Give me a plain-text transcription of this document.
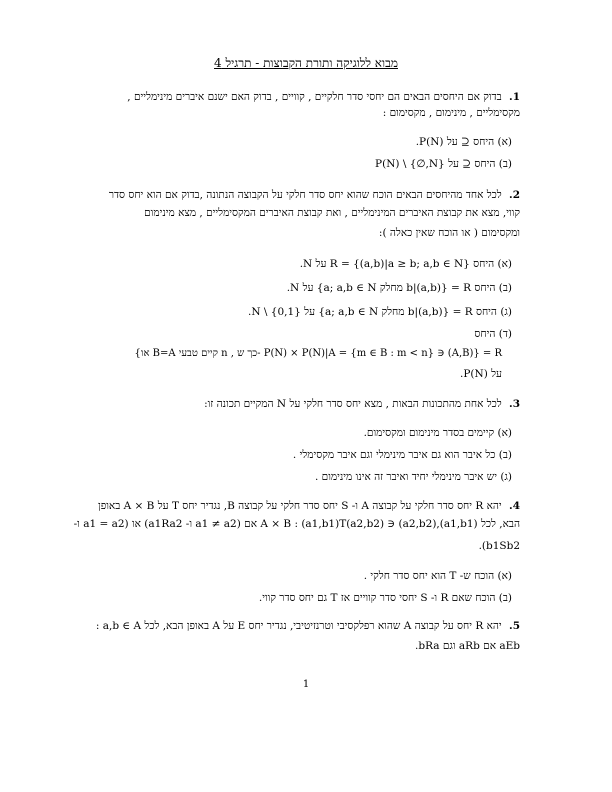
מבוא ללוגיקה ותורת הקבוצות - תרגיל 4
1. בדוק אם היחסים הבאים הם יחסי סדר חלקיים , קוויים , בדוק האם ישנם איברים מינימליים ,
מקסימליים , מינימום , מקסימום :
(א) היחס ⊆ על P(N).
(ב) היחס ⊆ על P(N) \ {∅,N}
2. לכל אחד מהיחסים הבאים הוכח שהוא יחס סדר חלקי על הקבוצה הנתונה ,בדוק אם הוא יחס סדר
קווי, מצא את קבוצת האיברים המינימליים , ואת קבוצת האיברים המקסימליים , מצא מינימום
ומקסימום ( או הוכח שאין כאלה ):
(א) היחס R = {(a,b)|a ≥ b; a,b ∈ N} על N.
(ב) היחס R = {(a,b)|b מחלק a; a,b ∈ N} על N.
(ג) היחס R = {(a,b)|b מחלק a; a,b ∈ N} על N \ {0,1}.
(ד) היחס
R = {(A,B) ∈ P(N) × P(N)|A = {m ∈ B : m < n} -כך ש , n קיים טבעי B=A או}
על P(N).
3. לכל אחת מהתכונות הבאות , מצא יחס סדר חלקי על N המקיים תכונה זו:
(א) קיימים בסדר מינימום ומקסימום.
(ב) כל איבר הוא גם איבר מינימלי וגם איבר מקסימלי .
(ג) יש איבר מינימלי יחיד ואיבר זה אינו מינימום .
4. יהא R יחס סדר חלקי על קבוצה A ו- S יחס סדר חלקי על קבוצה B, נגדיר יחס T על A × B באופן
הבא, לכל (a1,b1),(a2,b2) ∈ A × B : (a1,b1)T(a2,b2) אם (a1 ≠ a2 ו- a1Ra2) או (a1 = a2 ו-
b1Sb2).
(א) הוכח ש- T הוא יחס סדר חלקי .
(ב) הוכח שאם R ו- S יחסי סדר קוויים אז T גם יחס סדר קווי.
5. יהא R יחס על קבוצה A שהוא רפלקסיבי וטרנזיטיבי, נגדיר יחס E על A באופן הבא, לכל a,b ∈ A :
aEb אם aRb וגם bRa.
1
